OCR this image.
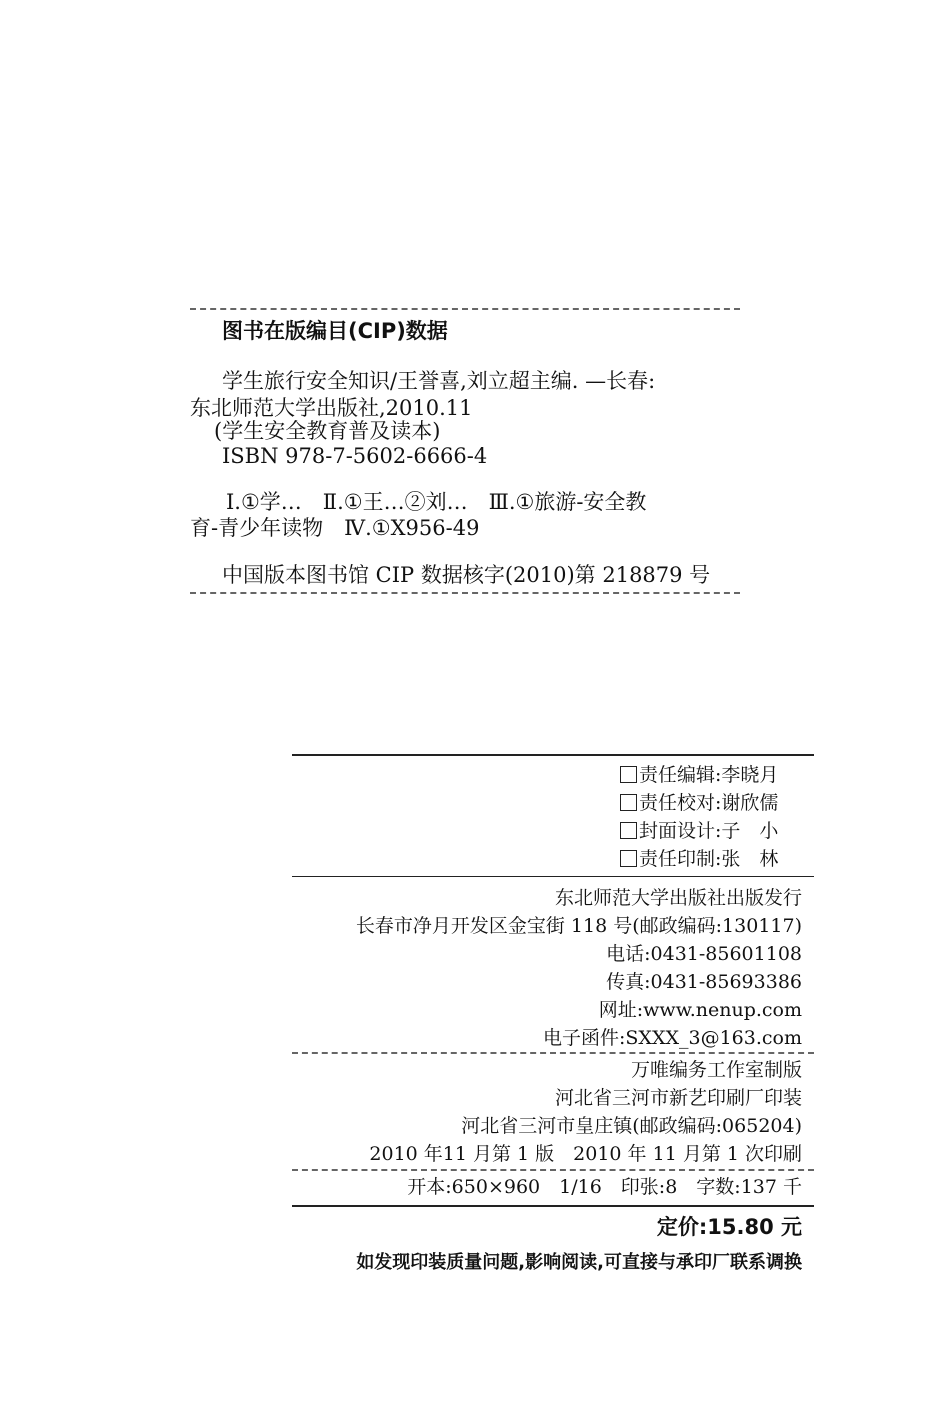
图书在版编目(CIP)数据
学生旅行安全知识/王誉喜,刘立超主编. —长春:
东北师范大学出版社,2010.11
(学生安全教育普及读本)
ISBN 978-7-5602-6666-4
Ⅰ.①学…　Ⅱ.①王…②刘…　Ⅲ.①旅游-安全教
育-青少年读物　Ⅳ.①X956-49
中国版本图书馆 CIP 数据核字(2010)第 218879 号
责任编辑:李晓月
责任校对:谢欣儒
封面设计:子　小
责任印制:张　林
东北师范大学出版社出版发行
长春市净月开发区金宝街 118 号(邮政编码:130117)
电话:0431-85601108
传真:0431-85693386
网址:www.nenup.com
电子函件:SXXX_3@163.com
万唯编务工作室制版
河北省三河市新艺印刷厂印装
河北省三河市皇庄镇(邮政编码:065204)
2010 年11 月第 1 版　2010 年 11 月第 1 次印刷
开本:650×960　1/16　印张:8　字数:137 千
定价:15.80 元
如发现印装质量问题,影响阅读,可直接与承印厂联系调换
